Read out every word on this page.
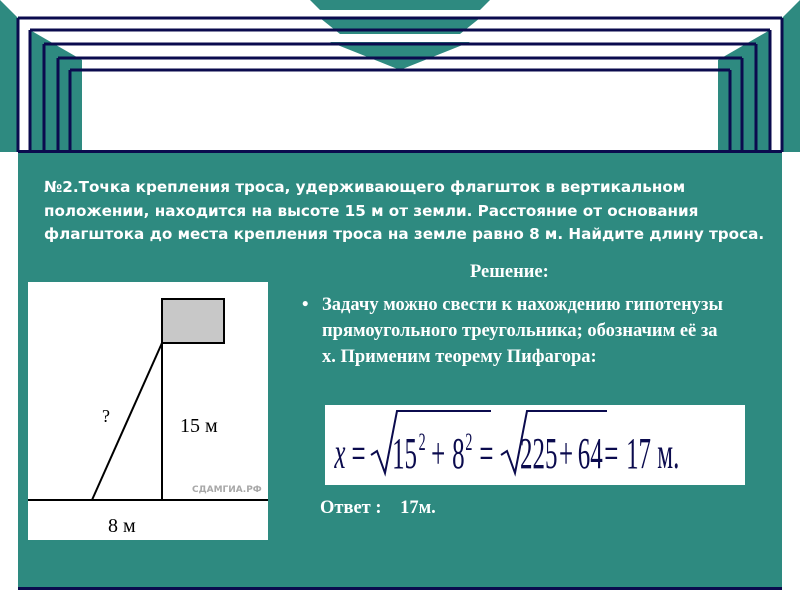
№2.Точка крепления троса, удерживающего флагшток в вертикальном положении, находится на высоте 15 м от земли. Расстояние от основания флагштока до места крепления троса на земле равно 8 м. Найдите длину троса.

?	15 м
СДАМГИА.РФ
8 м
Решение:
• Задачу можно свести к нахождению гипотенузы прямоугольного треугольника; обозначим её за х. Применим теорему Пифагора:
x = 15 2 + 8 2 = 225 + 64 = 17 м.
Ответ : 17м.
